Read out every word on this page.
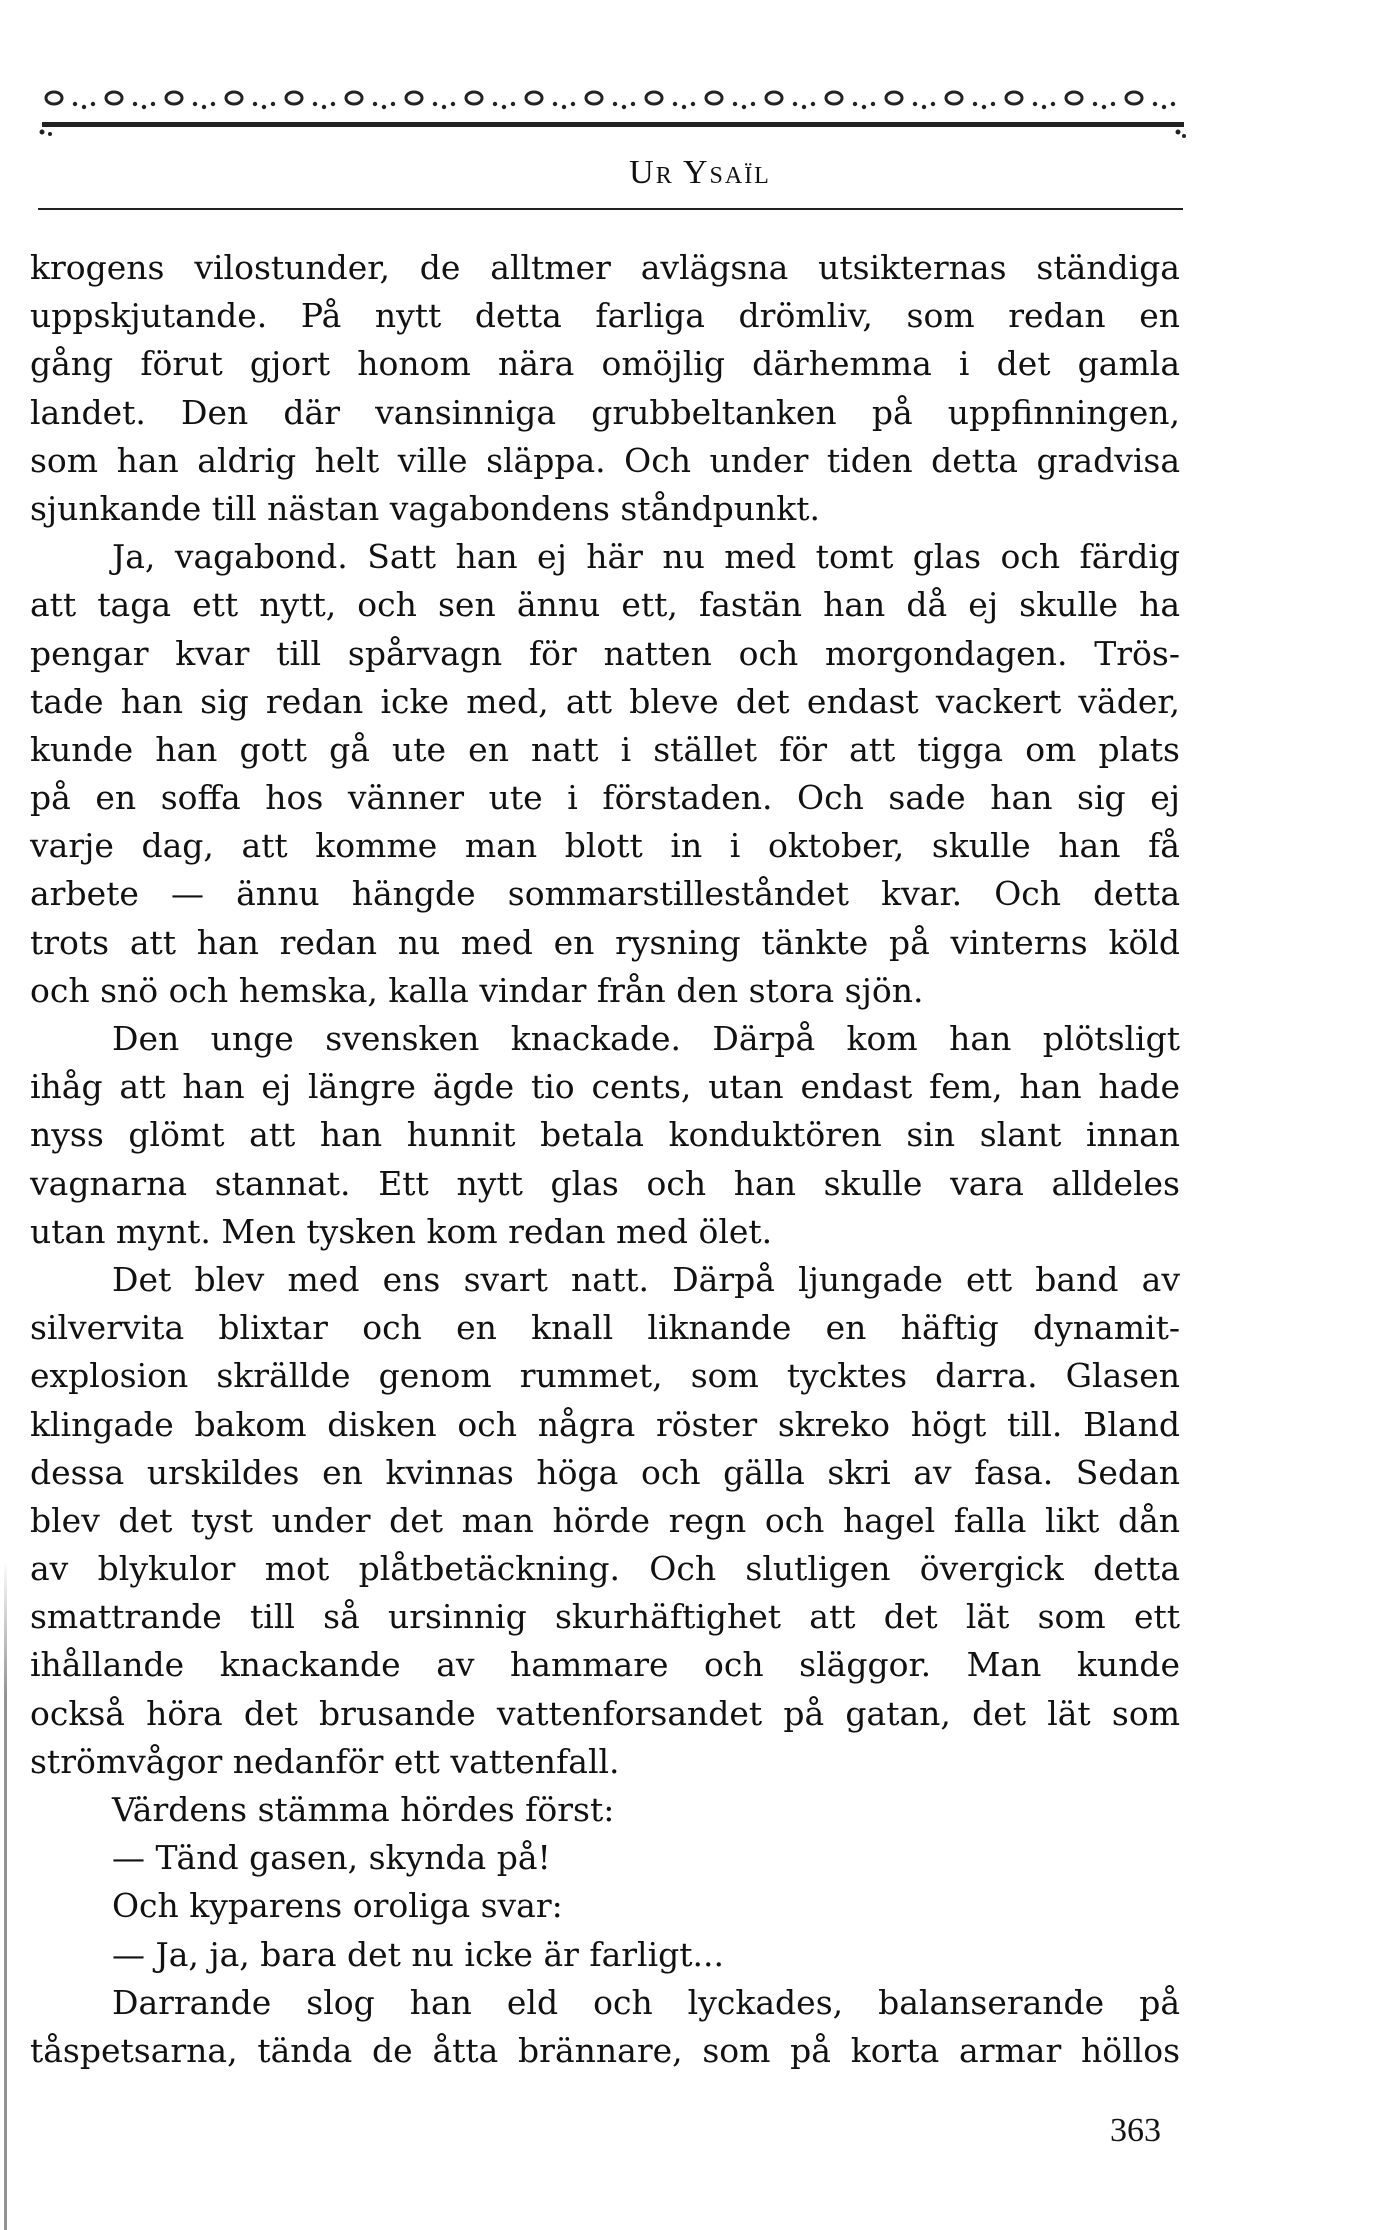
Ur Ysaïl
krogens vilostunder, de alltmer avlägsna utsikternas ständiga
uppskjutande. På nytt detta farliga drömliv, som redan en
gång förut gjort honom nära omöjlig därhemma i det gamla
landet. Den där vansinniga grubbeltanken på uppfinningen,
som han aldrig helt ville släppa. Och under tiden detta gradvisa
sjunkande till nästan vagabondens ståndpunkt.
Ja, vagabond. Satt han ej här nu med tomt glas och färdig
att taga ett nytt, och sen ännu ett, fastän han då ej skulle ha
pengar kvar till spårvagn för natten och morgondagen. Trös-
tade han sig redan icke med, att bleve det endast vackert väder,
kunde han gott gå ute en natt i stället för att tigga om plats
på en soffa hos vänner ute i förstaden. Och sade han sig ej
varje dag, att komme man blott in i oktober, skulle han få
arbete — ännu hängde sommarstilleståndet kvar. Och detta
trots att han redan nu med en rysning tänkte på vinterns köld
och snö och hemska, kalla vindar från den stora sjön.
Den unge svensken knackade. Därpå kom han plötsligt
ihåg att han ej längre ägde tio cents, utan endast fem, han hade
nyss glömt att han hunnit betala konduktören sin slant innan
vagnarna stannat. Ett nytt glas och han skulle vara alldeles
utan mynt. Men tysken kom redan med ölet.
Det blev med ens svart natt. Därpå ljungade ett band av
silvervita blixtar och en knall liknande en häftig dynamit-
explosion skrällde genom rummet, som tycktes darra. Glasen
klingade bakom disken och några röster skreko högt till. Bland
dessa urskildes en kvinnas höga och gälla skri av fasa. Sedan
blev det tyst under det man hörde regn och hagel falla likt dån
av blykulor mot plåtbetäckning. Och slutligen övergick detta
smattrande till så ursinnig skurhäftighet att det lät som ett
ihållande knackande av hammare och släggor. Man kunde
också höra det brusande vattenforsandet på gatan, det lät som
strömvågor nedanför ett vattenfall.
Värdens stämma hördes först:
— Tänd gasen, skynda på!
Och kyparens oroliga svar:
— Ja, ja, bara det nu icke är farligt...
Darrande slog han eld och lyckades, balanserande på
tåspetsarna, tända de åtta brännare, som på korta armar höllos
363
